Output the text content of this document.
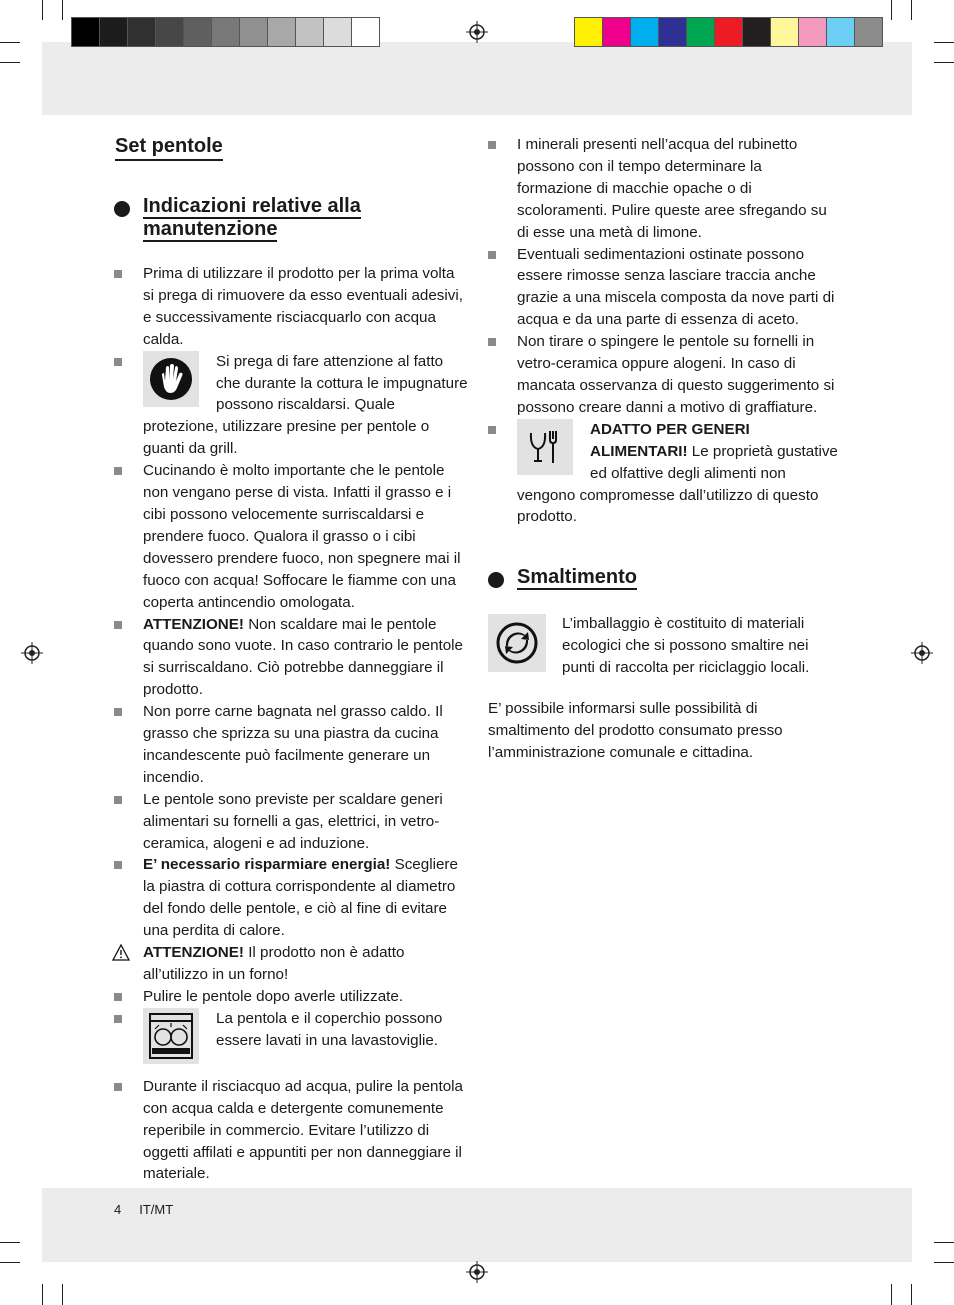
Set pentole
Indicazioni relative alla manutenzione
Prima di utilizzare il prodotto per la prima volta si prega di rimuovere da esso eventuali adesivi, e successivamente risciacquarlo con acqua calda.
Si prega di fare attenzione al fatto che durante la cottura le impugnature possono riscaldarsi. Quale protezione, utilizzare presine per pentole o guanti da grill.
Cucinando è molto importante che le pentole non vengano perse di vista. Infatti il grasso e i cibi possono velocemente surriscaldarsi e prendere fuoco. Qualora il grasso o i cibi dovessero prendere fuoco, non spegnere mai il fuoco con acqua! Soffocare le fiamme con una coperta antincendio omologata.
ATTENZIONE! Non scaldare mai le pentole quando sono vuote. In caso contrario le pentole si surriscaldano. Ciò potrebbe danneggiare il prodotto.
Non porre carne bagnata nel grasso caldo. Il grasso che sprizza su una piastra da cucina incandescente può facilmente generare un incendio.
Le pentole sono previste per scaldare generi alimentari su fornelli a gas, elettrici, in vetro-ceramica, alogeni e ad induzione.
E’ necessario risparmiare energia! Scegliere la piastra di cottura corrispondente al diametro del fondo delle pentole, e ciò al fine di evitare una perdita di calore.
ATTENZIONE! Il prodotto non è adatto all’utilizzo in un forno!
Pulire le pentole dopo averle utilizzate.
La pentola e il coperchio possono essere lavati in una lavastoviglie.
Durante il risciacquo ad acqua, pulire la pentola con acqua calda e detergente comunemente reperibile in commercio. Evitare l’utilizzo di oggetti affilati e appuntiti per non danneggiare il materiale.
I minerali presenti nell’acqua del rubinetto possono con il tempo determinare la formazione di macchie opache o di scoloramenti. Pulire queste aree sfregando su di esse una metà di limone.
Eventuali sedimentazioni ostinate possono essere rimosse senza lasciare traccia anche grazie a una miscela composta da nove parti di acqua e da una parte di essenza di aceto.
Non tirare o spingere le pentole su fornelli in vetro-ceramica oppure alogeni. In caso di mancata osservanza di questo suggerimento si possono creare danni a motivo di graffiature.
ADATTO PER GENERI ALIMENTARI! Le proprietà gustative ed olfattive degli alimenti non vengono compromesse dall’utilizzo di questo prodotto.
Smaltimento
L’imballaggio è costituito di materiali ecologici che si possono smaltire nei punti di raccolta per riciclaggio locali.
E’ possibile informarsi sulle possibilità di smaltimento del prodotto consumato presso l’amministrazione comunale e cittadina.
4 IT/MT
